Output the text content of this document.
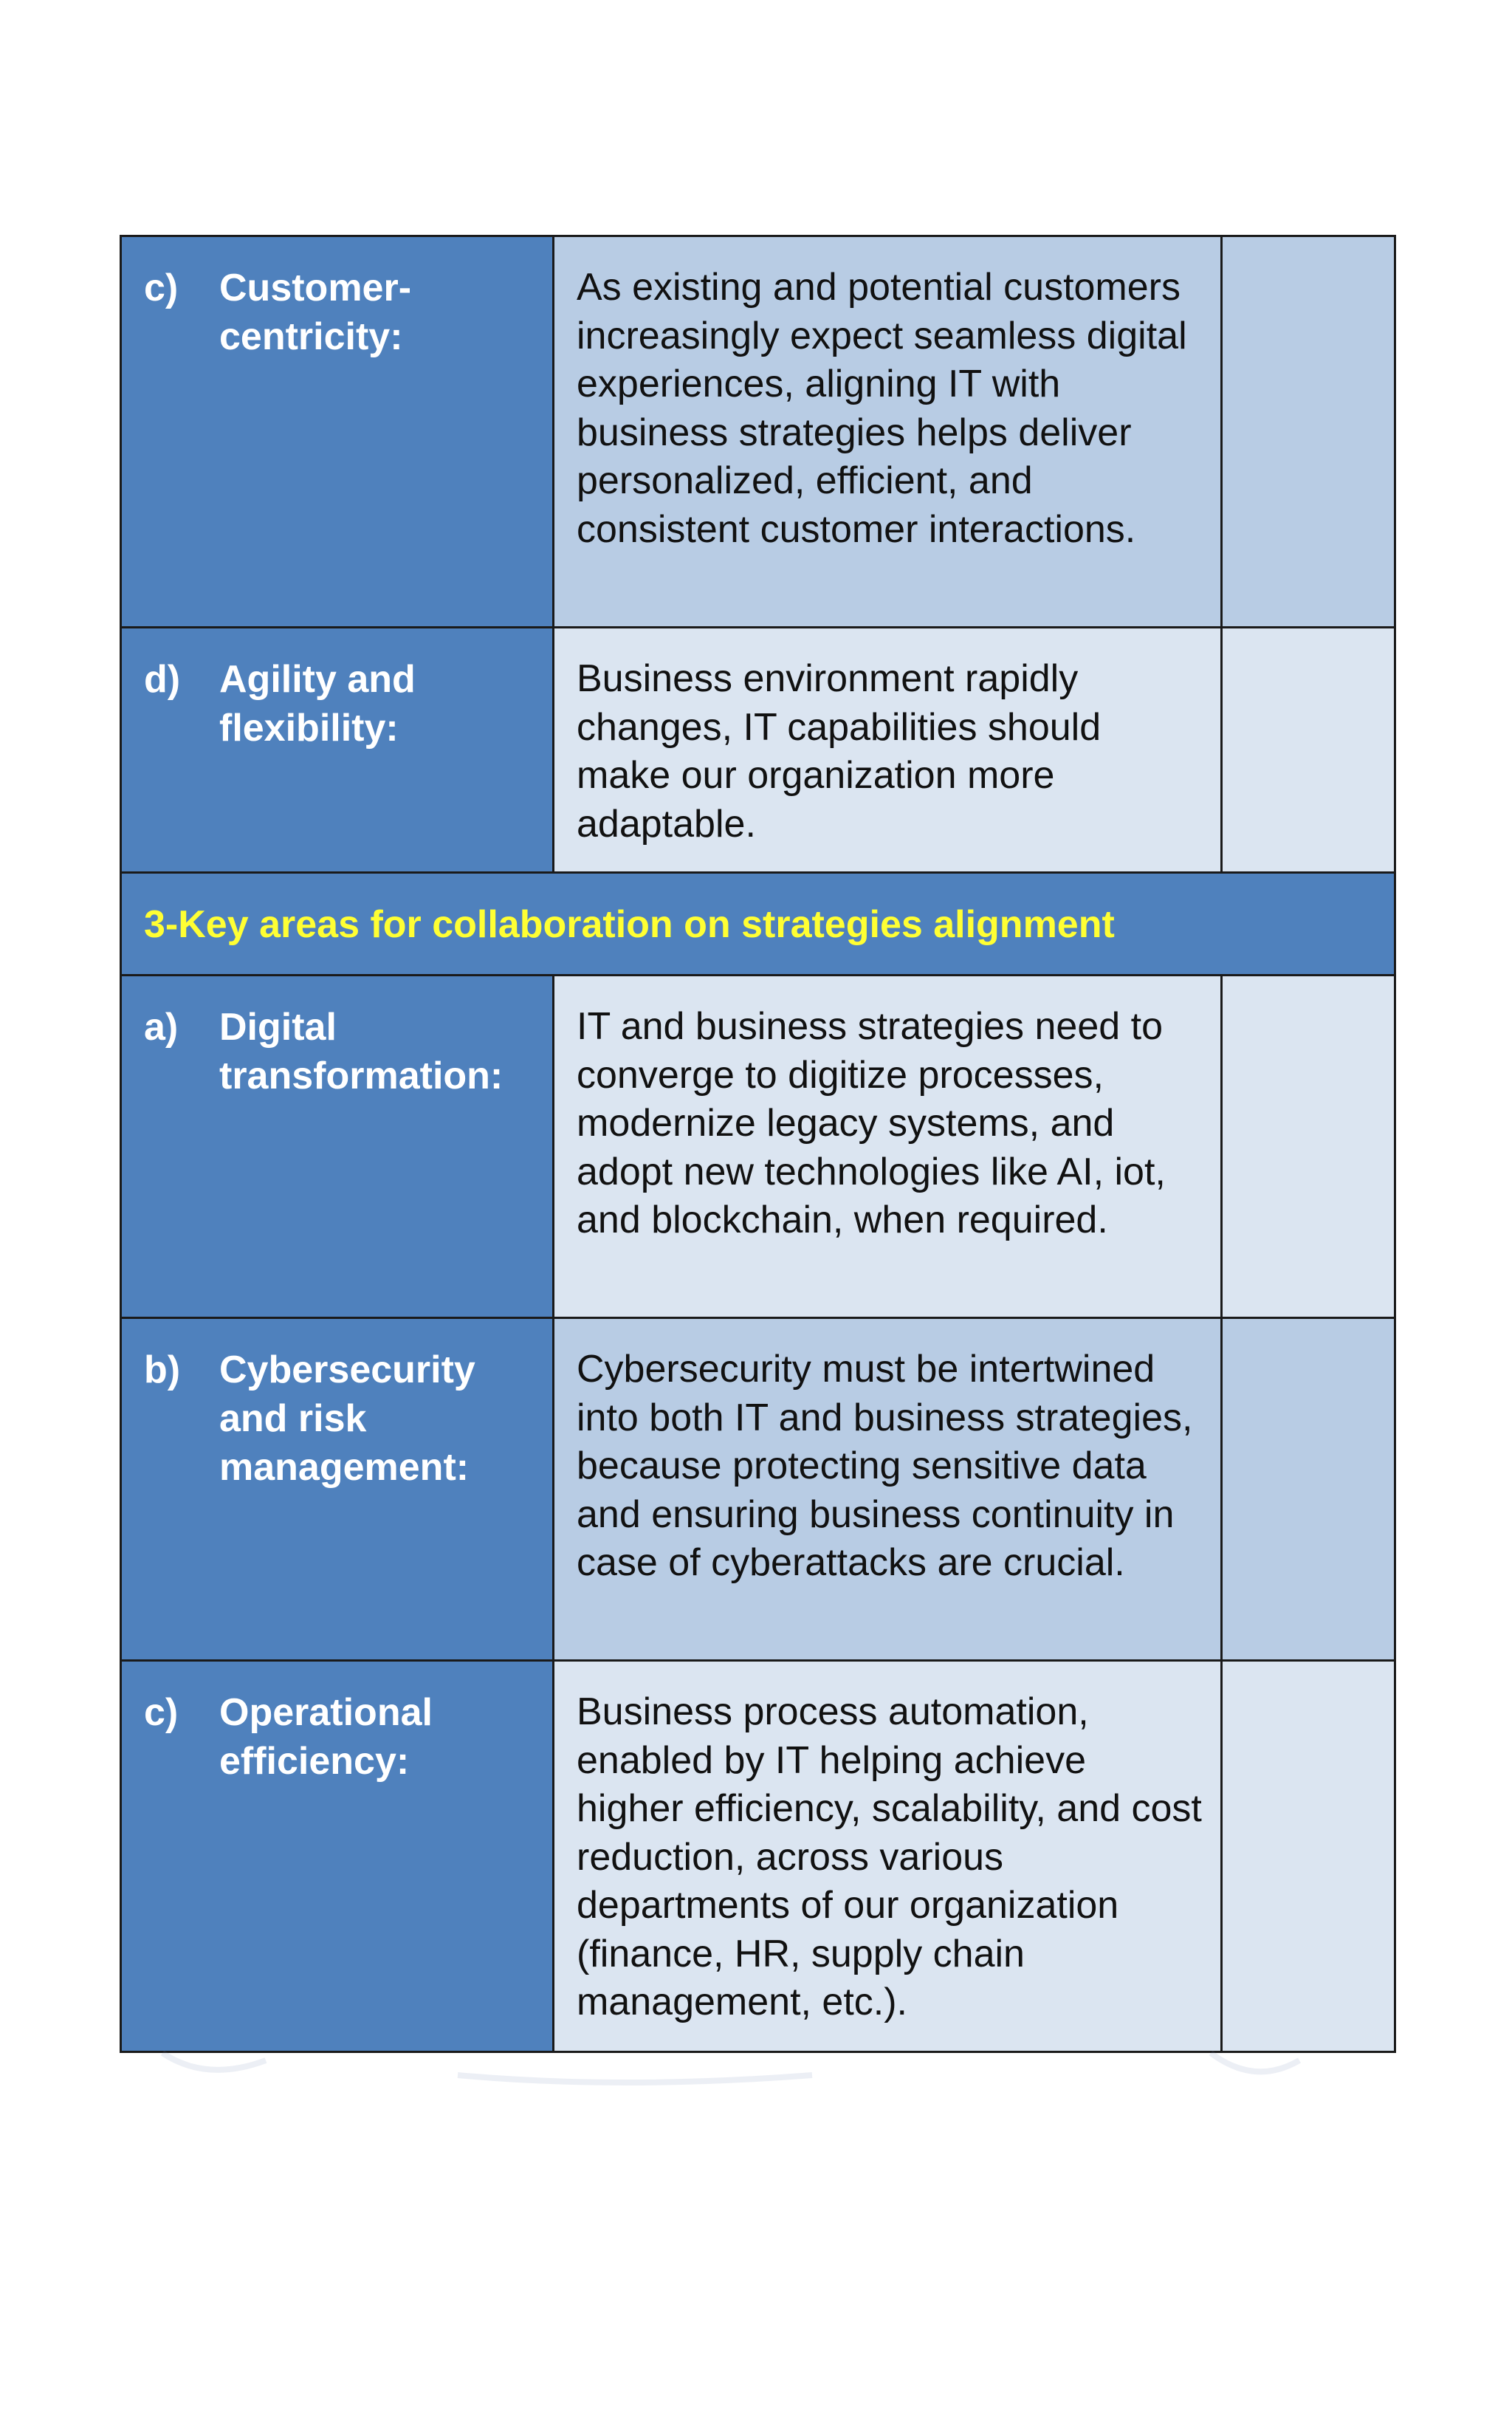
c) Customer-centricity:	As existing and potential customers increasingly expect seamless digital experiences, aligning IT with business strategies helps deliver personalized, efficient, and consistent customer interactions.	

d) Agility and flexibility:	Business environment rapidly changes, IT capabilities should make our organization more adaptable.	

3-Key areas for collaboration on strategies alignment		

a) Digital transformation:	IT and business strategies need to converge to digitize processes, modernize legacy systems, and adopt new technologies like AI, iot, and blockchain, when required.	

b) Cybersecurity and risk management:	Cybersecurity must be intertwined into both IT and business strategies, because protecting sensitive data and ensuring business continuity in case of cyberattacks are crucial.	

c) Operational efficiency:	Business process automation, enabled by IT helping achieve higher efficiency, scalability, and cost reduction, across various departments of our organization (finance, HR, supply chain management, etc.).	
